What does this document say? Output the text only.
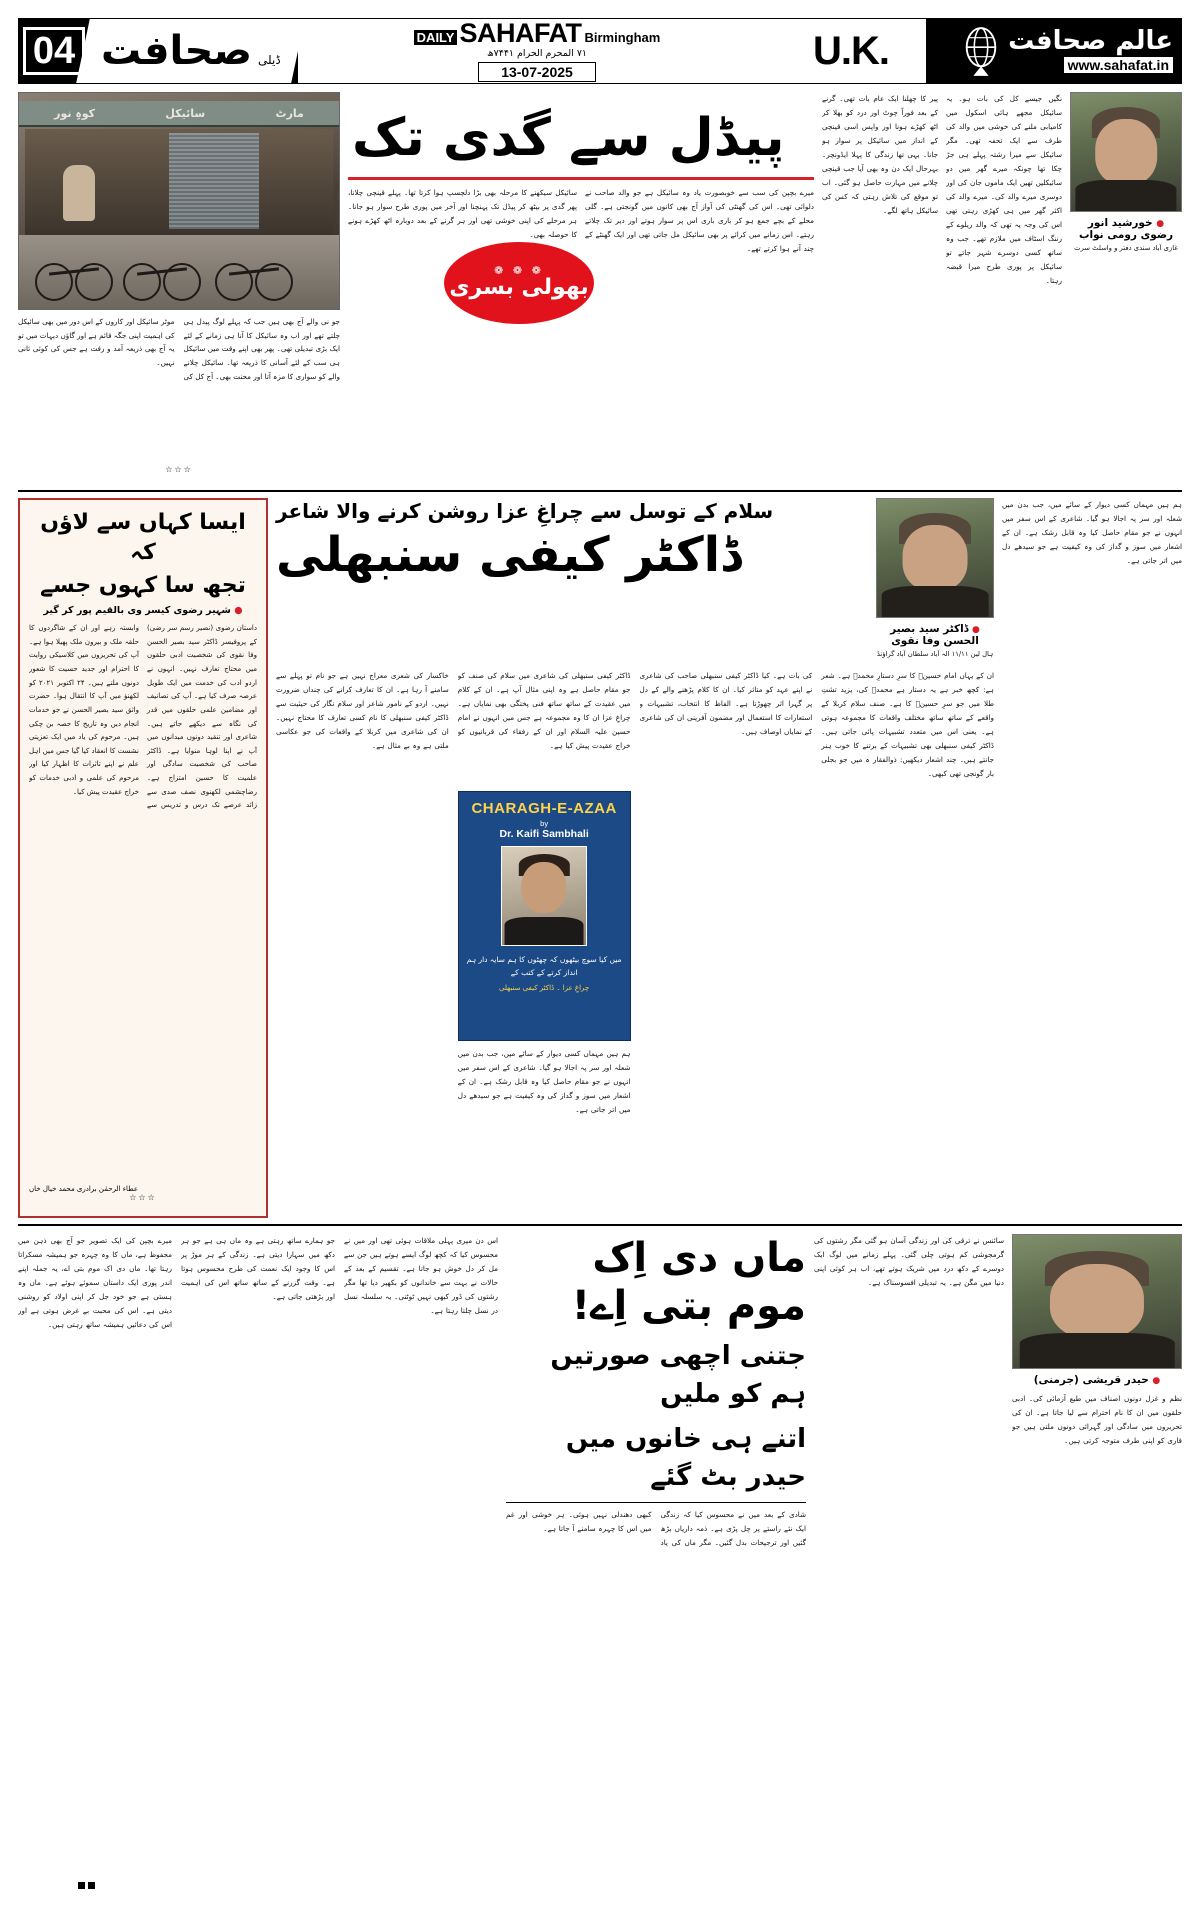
04	ڈیلی
صحافت	DAILY SAHAFAT Birmingham
۷۱ المحرم الحرام ۷۴۴۱ھ
13-07-2025	U.K.	عالم صحافت
www.sahafat.in
کوہِ نور	سائیکل	مارٹ
جو نی والے آج بھی ہیں جب کہ پہلے لوگ پیدل ہی چلتے تھے اور اب وہ سائیکل کا آنا ہی زمانے کے لئے ایک بڑی تبدیلی تھی۔ پھر بھی اپنے وقت میں سائیکل ہی سب کے لئے آسانی کا ذریعہ تھا۔ سائیکل چلانے والے کو سواری کا مزہ آتا اور محنت بھی۔ آج کل کی موٹر سائیکل اور کاروں کے اس دور میں بھی سائیکل کی اہمیت اپنی جگہ قائم ہے اور گاؤں دیہات میں تو یہ آج بھی ذریعہ آمد و رفت ہے جس کی کوئی ثانی نہیں۔
☆☆☆
پیڈل سے گدی تک
سائیکل سیکھنے کا مرحلہ بھی بڑا دلچسپ ہوا کرتا تھا۔ پہلے قینچی چلانا، پھر گدی پر بیٹھ کر پیڈل تک پہنچنا اور آخر میں پوری طرح سوار ہو جانا۔ ہر مرحلے کی اپنی خوشی تھی اور ہر گرنے کے بعد دوبارہ اٹھ کھڑے ہونے کا حوصلہ بھی۔
میرے بچپن کی سب سے خوبصورت یاد وہ سائیکل ہے جو والد صاحب نے دلوائی تھی۔ اس کی گھنٹی کی آواز آج بھی کانوں میں گونجتی ہے۔ گلی محلے کے بچے جمع ہو کر باری باری اس پر سوار ہوتے اور دیر تک چلاتے رہتے۔ اس زمانے میں کرائے پر بھی سائیکل مل جاتی تھی اور ایک گھنٹے کے چند آنے ہوا کرتے تھے۔
❁ ❁ ❁
بھولی بسری
پیر کا چھلنا ایک عام بات تھی۔ گرنے کے بعد فوراً چوٹ اور درد کو بھلا کر اٹھ کھڑے ہونا اور واپس اسی قینچی کے انداز میں سائیکل پر سوار ہو جانا۔ یہی تھا زندگی کا پہلا ایڈونچر۔ بہرحال ایک دن وہ بھی آیا جب قینچی چلانے میں مہارت حاصل ہو گئی۔ اب تو موقع کی تلاش رہتی کہ کس کی سائیکل ہاتھ لگے۔
نگیں جیسے کل کی بات ہو۔ یہ سائیکل مجھے ہائی اسکول میں کامیابی ملنے کی خوشی میں والد کی طرف سے ایک تحفہ تھی۔ مگر سائیکل سے میرا رشتہ پہلے ہی جڑ چکا تھا چونکہ میرے گھر میں دو سائیکلیں تھیں ایک ماموں جان کی اور دوسری میرے والد کی۔ میرے والد کی اکثر گھر میں ہی کھڑی رہتی تھی اس کی وجہ یہ تھی کہ والد ریلوے کے رننگ اسٹاف میں ملازم تھے۔ جب وہ ساتھ کسی دوسرے شہر جاتے تو سائیکل پر پوری طرح میرا قبضہ رہتا۔
● خورشید انور رضوی رومی نواب
غازی آباد سندی دفتر و واسلٹ سرت
ایسا کہاں سے لاؤں کہ
تجھ سا کہوں جسے
● شہیر رضوی کیسر وی بالقیم پور کر گیر
داستان رضوی (نصیر رسم سر رضی) کے پروفیسر ڈاکٹر سید بصیر الحسن وفا نقوی کی شخصیت ادبی حلقوں میں محتاج تعارف نہیں۔ انہوں نے اردو ادب کی خدمت میں ایک طویل عرصہ صرف کیا ہے۔ آپ کی تصانیف اور مضامین علمی حلقوں میں قدر کی نگاہ سے دیکھے جاتے ہیں۔ شاعری اور تنقید دونوں میدانوں میں آپ نے اپنا لوہا منوایا ہے۔ ڈاکٹر صاحب کی شخصیت سادگی اور علمیت کا حسین امتزاج ہے۔ رضاچشمی لکھنوی نصف صدی سے زائد عرصے تک درس و تدریس سے وابستہ رہے اور ان کے شاگردوں کا حلقہ ملک و بیرون ملک پھیلا ہوا ہے۔ آپ کی تحریروں میں کلاسیکی روایت کا احترام اور جدید حسیت کا شعور دونوں ملتے ہیں۔ ۲۴ اکتوبر ۲۰۲۱ کو لکھنؤ میں آپ کا انتقال ہوا۔ حضرت واثق سید بصیر الحسن نے جو خدمات انجام دیں وہ تاریخ کا حصہ بن چکی ہیں۔ مرحوم کی یاد میں ایک تعزیتی نشست کا انعقاد کیا گیا جس میں اہل علم نے اپنے تاثرات کا اظہار کیا اور مرحوم کی علمی و ادبی خدمات کو خراج عقیدت پیش کیا۔
عطاء الرحمٰن برادری محمد خیال خاں
☆☆☆
سلام کے توسل سے چراغِ عزا روشن کرنے والا شاعر
ڈاکٹر کیفی سنبھلی
● ڈاکٹر سید بصیر الحسن وفا نقوی
ہال لین ۱۱/۱۱ الہ آباد سلطان آباد گراؤنڈ
خاکسار کی شعری معراج نہیں ہے جو نام تو پہلے سے سامنے آ رہا ہے۔ ان کا تعارف کرانے کی چنداں ضرورت نہیں۔ اردو کے نامور شاعر اور سلام نگار کی حیثیت سے ڈاکٹر کیفی سنبھلی کا نام کسی تعارف کا محتاج نہیں۔ ان کی شاعری میں کربلا کے واقعات کی جو عکاسی ملتی ہے وہ بے مثال ہے۔
ڈاکٹر کیفی سنبھلی کی شاعری میں سلام کی صنف کو جو مقام حاصل ہے وہ اپنی مثال آپ ہے۔ ان کے کلام میں عقیدت کے ساتھ ساتھ فنی پختگی بھی نمایاں ہے۔ چراغِ عزا ان کا وہ مجموعہ ہے جس میں انہوں نے امام حسین علیہ السلام اور ان کے رفقاء کی قربانیوں کو خراج عقیدت پیش کیا ہے۔
CHARAGH-E-AZAA
by
Dr. Kaifi Sambhali
میں کیا سوچ بیٹھوں کہ چھٹوں کا ہم سایہ دار ہم انداز کرتے کے کتب کے
چراغِ عزا ۔ ڈاکٹر کیفی سنبھلی
ہم ہیں مہماں کسی دیوار کے سائے میں، جب بدن میں شعلہ اور سر پہ اجالا ہو گیا۔ شاعری کے اس سفر میں انہوں نے جو مقام حاصل کیا وہ قابل رشک ہے۔ ان کے اشعار میں سوز و گداز کی وہ کیفیت ہے جو سیدھے دل میں اتر جاتی ہے۔
کی بات ہے۔ کیا ڈاکٹر کیفی سنبھلی صاحب کی شاعری نے اپنے عہد کو متاثر کیا۔ ان کا کلام پڑھنے والے کے دل پر گہرا اثر چھوڑتا ہے۔ الفاظ کا انتخاب، تشبیہات و استعارات کا استعمال اور مضمون آفرینی ان کی شاعری کے نمایاں اوصاف ہیں۔
ان کے یہاں امام حسینؑ کا سرِ دستارِ محمدؐ ہے۔ شعر ہے: کچھ خبر ہے یہ دستار ہے محمدؐ کی، یزید تشتِ طلا میں جو سرِ حسینؑ کا ہے۔ صنف سلام کربلا کے واقعے کے ساتھ ساتھ مختلف واقعات کا مجموعہ ہوتی ہے۔ یعنی اس میں متعدد تشبیہات پائی جاتی ہیں۔ ڈاکٹر کیفی سنبھلی بھی تشبیہات کے برتنے کا خوب ہنر جانتے ہیں۔ چند اشعار دیکھیں: ذوالفقار ہ میں جو بجلی بار گونجی تھی کبھی۔
ہم ہیں مہماں کسی دیوار کے سائے میں، جب بدن میں شعلہ اور سر پہ اجالا ہو گیا۔ شاعری کے اس سفر میں انہوں نے جو مقام حاصل کیا وہ قابل رشک ہے۔ ان کے اشعار میں سوز و گداز کی وہ کیفیت ہے جو سیدھے دل میں اتر جاتی ہے۔
میرے بچپن کی ایک تصویر جو آج بھی ذہن میں محفوظ ہے، ماں کا وہ چہرہ جو ہمیشہ مسکراتا رہتا تھا۔ ماں دی اک موم بتی اے، یہ جملہ اپنے اندر پوری ایک داستان سموئے ہوئے ہے۔ ماں وہ ہستی ہے جو خود جل کر اپنی اولاد کو روشنی دیتی ہے۔ اس کی محبت بے غرض ہوتی ہے اور اس کی دعائیں ہمیشہ ساتھ رہتی ہیں۔
جو ہمارے ساتھ رہتی ہے وہ ماں ہی ہے جو ہر دکھ میں سہارا دیتی ہے۔ زندگی کے ہر موڑ پر اس کا وجود ایک نعمت کی طرح محسوس ہوتا ہے۔ وقت گزرنے کے ساتھ ساتھ اس کی اہمیت اور بڑھتی جاتی ہے۔
اس دن میری پہلی ملاقات ہوئی تھی اور میں نے محسوس کیا کہ کچھ لوگ ایسے ہوتے ہیں جن سے مل کر دل خوش ہو جاتا ہے۔ تقسیم کے بعد کے حالات نے بہت سے خاندانوں کو بکھیر دیا تھا مگر رشتوں کی ڈور کبھی نہیں ٹوٹتی۔ یہ سلسلہ نسل در نسل چلتا رہتا ہے۔
ماں دی اِک موم بتی اِے!
جتنی اچھی صورتیں ہم کو ملیں
اتنے ہی خانوں میں حیدر بٹ گئے
شادی کے بعد میں نے محسوس کیا کہ زندگی ایک نئے راستے پر چل پڑی ہے۔ ذمہ داریاں بڑھ گئیں اور ترجیحات بدل گئیں۔ مگر ماں کی یاد کبھی دھندلی نہیں ہوئی۔ ہر خوشی اور غم میں اس کا چہرہ سامنے آ جاتا ہے۔
سائنس نے ترقی کی اور زندگی آسان ہو گئی مگر رشتوں کی گرمجوشی کم ہوتی چلی گئی۔ پہلے زمانے میں لوگ ایک دوسرے کے دکھ درد میں شریک ہوتے تھے، اب ہر کوئی اپنی دنیا میں مگن ہے۔ یہ تبدیلی افسوسناک ہے۔
● حیدر قریشی (جرمنی)
نظم و غزل دونوں اصناف میں طبع آزمائی کی۔ ادبی حلقوں میں ان کا نام احترام سے لیا جاتا ہے۔ ان کی تحریروں میں سادگی اور گہرائی دونوں ملتی ہیں جو قاری کو اپنی طرف متوجہ کرتی ہیں۔
